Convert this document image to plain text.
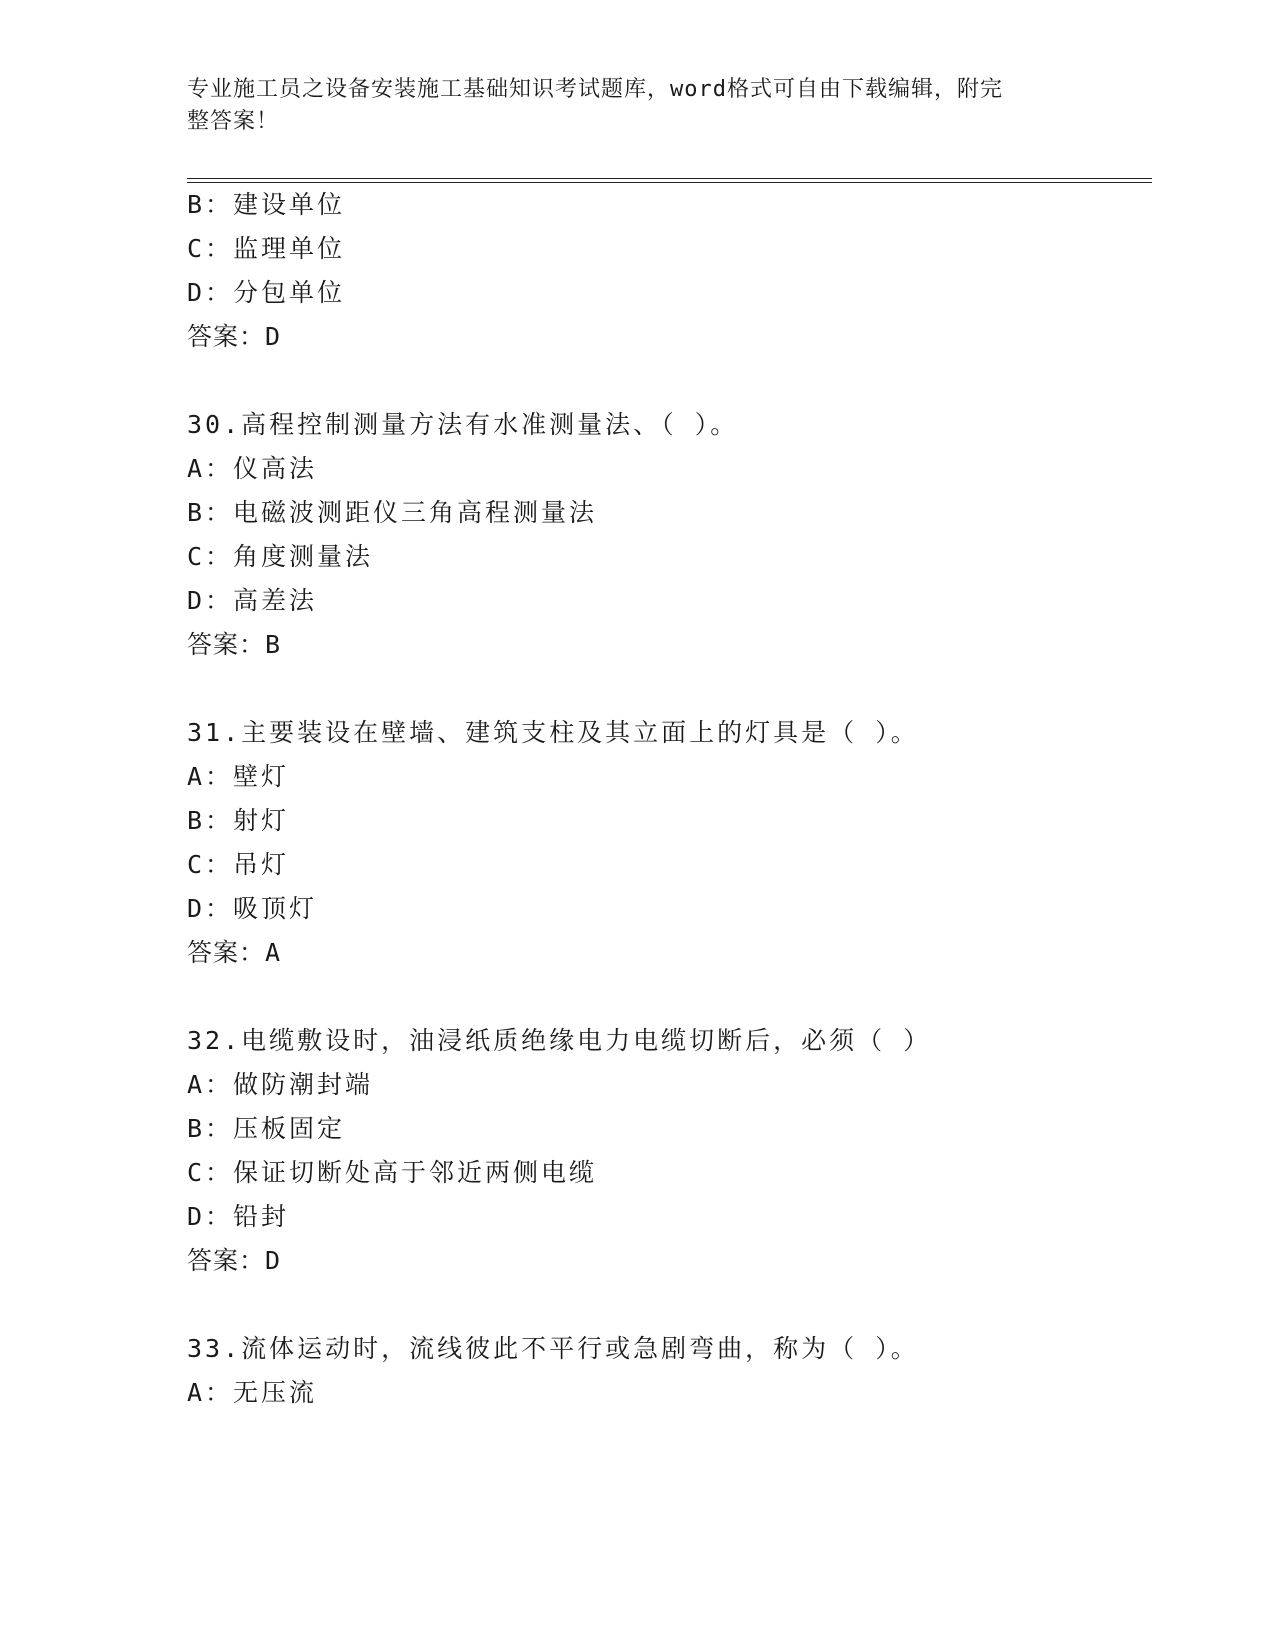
专业施工员之设备安装施工基础知识考试题库，word格式可自由下载编辑，附完
整答案！
B：建设单位
C：监理单位
D：分包单位
答案：D
30.高程控制测量方法有水准测量法、（ ）。
A：仪高法
B：电磁波测距仪三角高程测量法
C：角度测量法
D：高差法
答案：B
31.主要装设在壁墙、建筑支柱及其立面上的灯具是（ ）。
A：壁灯
B：射灯
C：吊灯
D：吸顶灯
答案：A
32.电缆敷设时，油浸纸质绝缘电力电缆切断后，必须（ ）
A：做防潮封端
B：压板固定
C：保证切断处高于邻近两侧电缆
D：铅封
答案：D
33.流体运动时，流线彼此不平行或急剧弯曲，称为（ ）。
A：无压流
